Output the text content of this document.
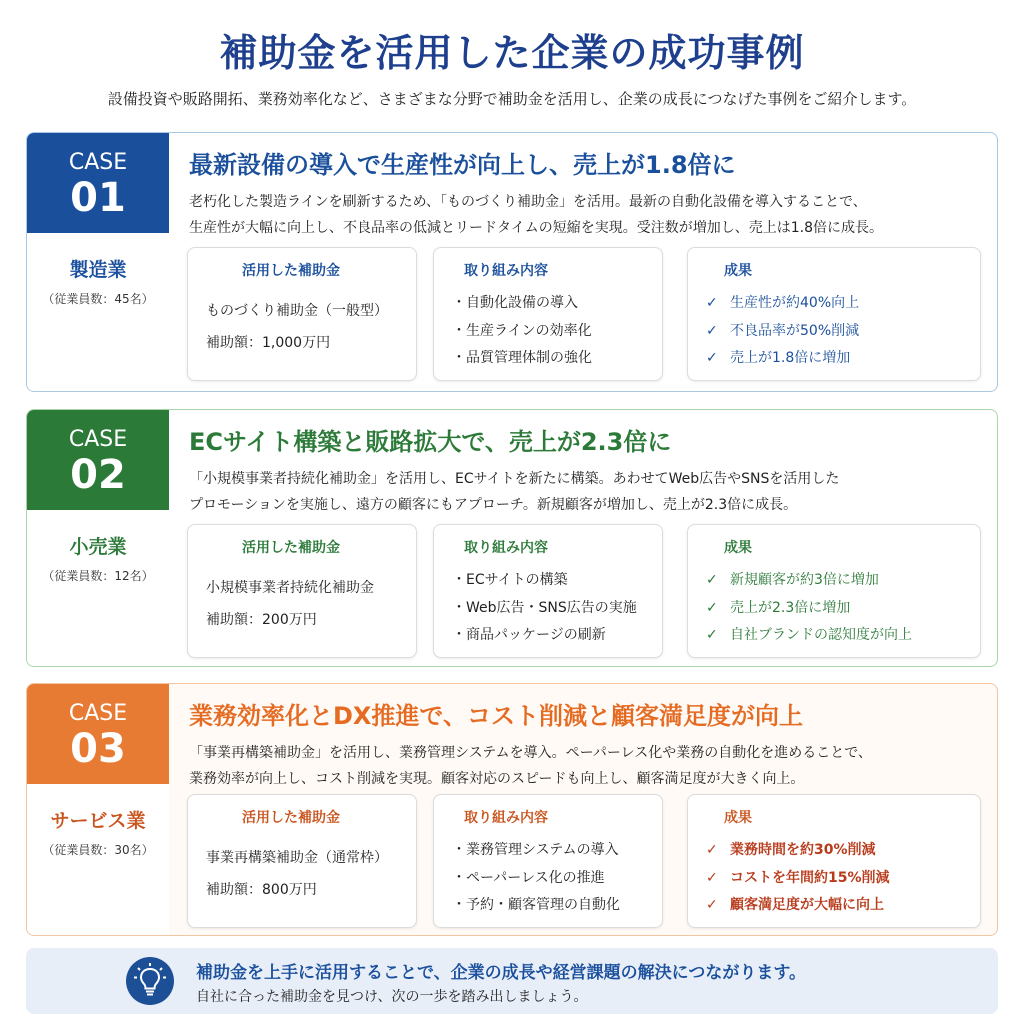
補助金を活用した企業の成功事例
設備投資や販路開拓、業務効率化など、さまざまな分野で補助金を活用し、企業の成長につなげた事例をご紹介します。
CASE
01
製造業
（従業員数：45名）
最新設備の導入で生産性が向上し、売上が1.8倍に
老朽化した製造ラインを刷新するため、「ものづくり補助金」を活用。最新の自動化設備を導入することで、
生産性が大幅に向上し、不良品率の低減とリードタイムの短縮を実現。受注数が増加し、売上は1.8倍に成長。
活用した補助金
ものづくり補助金（一般型）
補助額：1,000万円
取り組み内容
・自動化設備の導入
・生産ラインの効率化
・品質管理体制の強化
成果
✓ 生産性が約40%向上
✓ 不良品率が50%削減
✓ 売上が1.8倍に増加
CASE
02
小売業
（従業員数：12名）
ECサイト構築と販路拡大で、売上が2.3倍に
「小規模事業者持続化補助金」を活用し、ECサイトを新たに構築。あわせてWeb広告やSNSを活用した
プロモーションを実施し、遠方の顧客にもアプローチ。新規顧客が増加し、売上が2.3倍に成長。
活用した補助金
小規模事業者持続化補助金
補助額：200万円
取り組み内容
・ECサイトの構築
・Web広告・SNS広告の実施
・商品パッケージの刷新
成果
✓ 新規顧客が約3倍に増加
✓ 売上が2.3倍に増加
✓ 自社ブランドの認知度が向上
CASE
03
サービス業
（従業員数：30名）
業務効率化とDX推進で、コスト削減と顧客満足度が向上
「事業再構築補助金」を活用し、業務管理システムを導入。ペーパーレス化や業務の自動化を進めることで、
業務効率が向上し、コスト削減を実現。顧客対応のスピードも向上し、顧客満足度が大きく向上。
活用した補助金
事業再構築補助金（通常枠）
補助額：800万円
取り組み内容
・業務管理システムの導入
・ペーパーレス化の推進
・予約・顧客管理の自動化
成果
✓ 業務時間を約30%削減
✓ コストを年間約15%削減
✓ 顧客満足度が大幅に向上
補助金を上手に活用することで、企業の成長や経営課題の解決につながります。
自社に合った補助金を見つけ、次の一歩を踏み出しましょう。
